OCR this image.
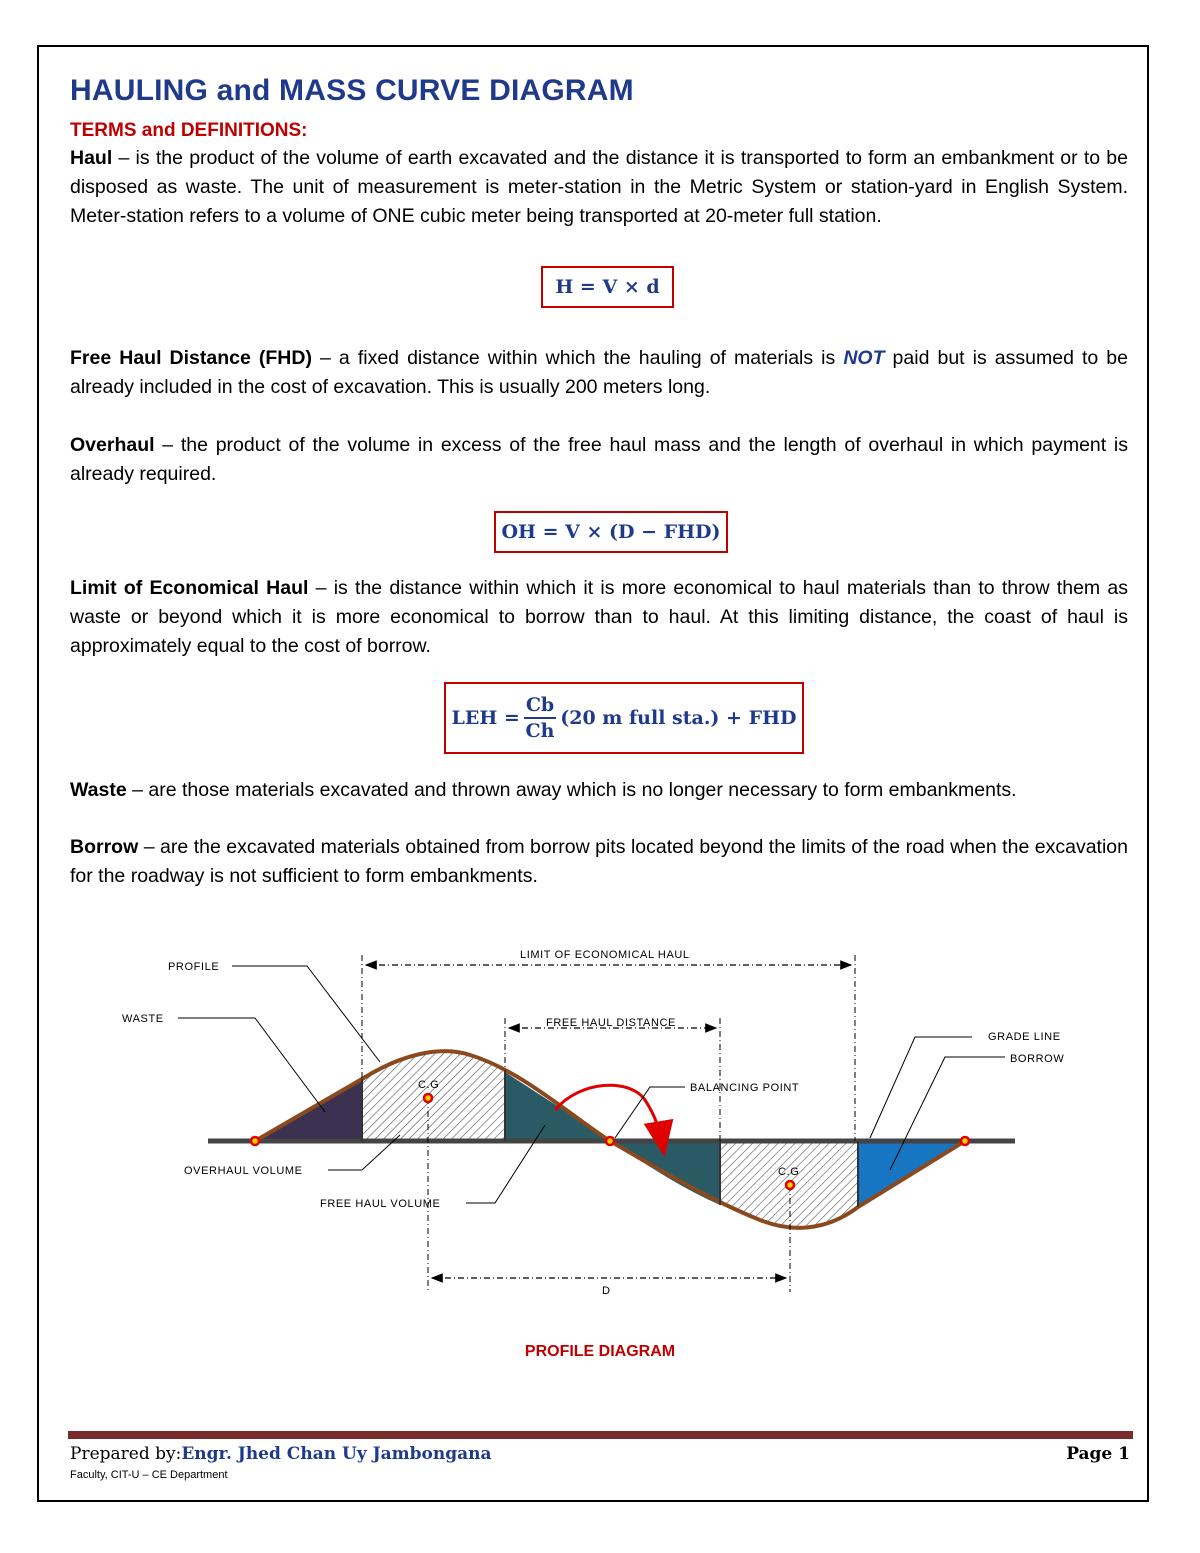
HAULING and MASS CURVE DIAGRAM
TERMS and DEFINITIONS:
Haul – is the product of the volume of earth excavated and the distance it is transported to form an embankment or to be disposed as waste. The unit of measurement is meter-station in the Metric System or station-yard in English System. Meter-station refers to a volume of ONE cubic meter being transported at 20-meter full station.
H = V × d
Free Haul Distance (FHD) – a fixed distance within which the hauling of materials is NOT paid but is assumed to be already included in the cost of excavation. This is usually 200 meters long.
Overhaul – the product of the volume in excess of the free haul mass and the length of overhaul in which payment is already required.
OH = V × (D − FHD)
Limit of Economical Haul – is the distance within which it is more economical to haul materials than to throw them as waste or beyond which it is more economical to borrow than to haul. At this limiting distance, the coast of haul is approximately equal to the cost of borrow.
LEH = $\frac{Cb}{Ch} (20$ m full sta.) + FHD
Waste – are those materials excavated and thrown away which is no longer necessary to form embankments.
Borrow – are the excavated materials obtained from borrow pits located beyond the limits of the road when the excavation for the roadway is not sufficient to form embankments.
PROFILE
WASTE
LIMIT OF ECONOMICAL HAUL
FREE HAUL DISTANCE
GRADE LINE
BORROW
BALANCING POINT
C.G
C.G
OVERHAUL VOLUME
FREE HAUL VOLUME
D
PROFILE DIAGRAM
Prepared by:Engr. Jhed Chan Uy Jambongana
Faculty, CIT-U – CE Department
Page 1
